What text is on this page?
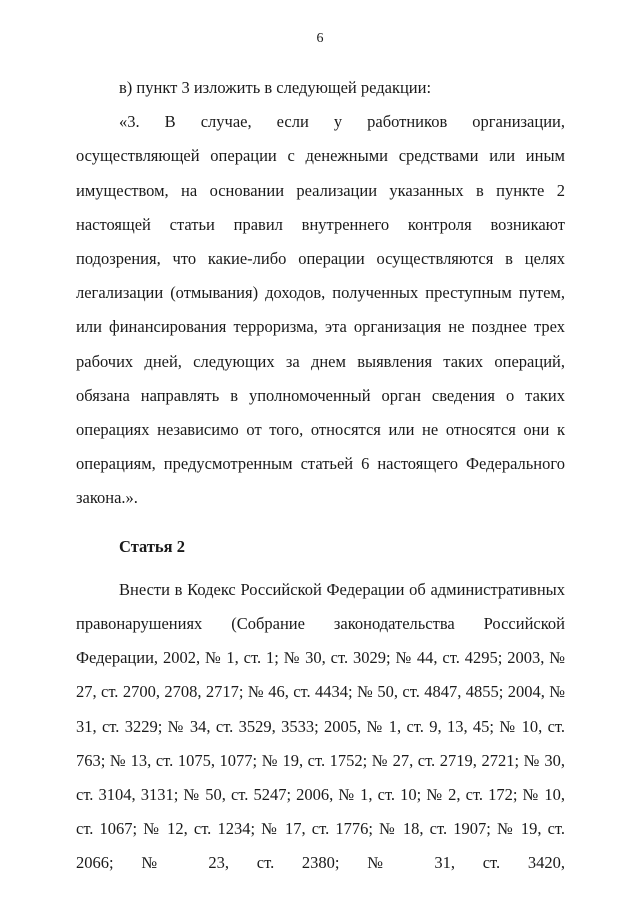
6

в) пункт 3 изложить в следующей редакции:

«3. В случае, если у работников организации, осуществляющей операции с денежными средствами или иным имуществом, на основании реализации указанных в пункте 2 настоящей статьи правил внутреннего контроля возникают подозрения, что какие-либо операции осуществляются в целях легализации (отмывания) доходов, полученных преступным путем, или финансирования терроризма, эта организация не позднее трех рабочих дней, следующих за днем выявления таких операций, обязана направлять в уполномоченный орган сведения о таких операциях независимо от того, относятся или не относятся они к операциям, предусмотренным статьей 6 настоящего Федерального закона.».

Статья 2

Внести в Кодекс Российской Федерации об административных правонарушениях (Собрание законодательства Российской Федерации, 2002, № 1, ст. 1; № 30, ст. 3029; № 44, ст. 4295; 2003, № 27, ст. 2700, 2708, 2717; № 46, ст. 4434; № 50, ст. 4847, 4855; 2004, № 31, ст. 3229; № 34, ст. 3529, 3533; 2005, № 1, ст. 9, 13, 45; № 10, ст. 763; № 13, ст. 1075, 1077; № 19, ст. 1752; № 27, ст. 2719, 2721; № 30, ст. 3104, 3131; № 50, ст. 5247; 2006, № 1, ст. 10; № 2, ст. 172; № 10, ст. 1067; № 12, ст. 1234; № 17, ст. 1776; № 18, ст. 1907; № 19, ст. 2066; № 23, ст. 2380; № 31, ст. 3420,
